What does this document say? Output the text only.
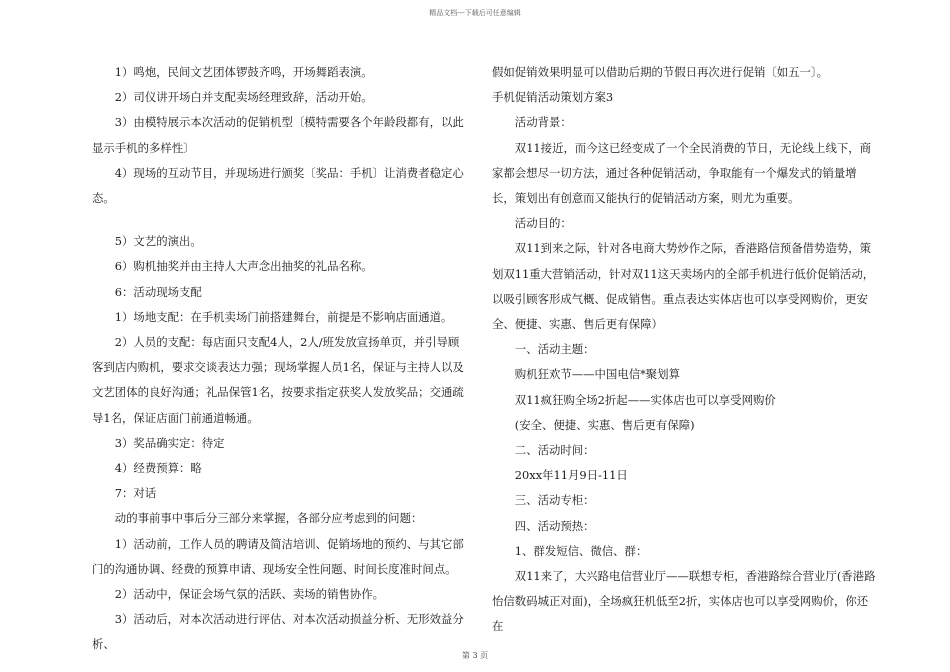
精品文档---下载后可任意编辑

1）鸣炮，民间文艺团体锣鼓齐鸣，开场舞蹈表演。

2）司仪讲开场白并支配卖场经理致辞，活动开始。

3）由模特展示本次活动的促销机型〔模特需要各个年龄段都有，以此显示手机的多样性〕

4）现场的互动节目，并现场进行颁奖〔奖品：手机〕让消费者稳定心态。

5）文艺的演出。

6）购机抽奖并由主持人大声念出抽奖的礼品名称。

6：活动现场支配

1）场地支配：在手机卖场门前搭建舞台，前提是不影响店面通道。

2）人员的支配：每店面只支配4人，2人/班发放宣扬单页，并引导顾客到店内购机，要求交谈表达力强；现场掌握人员1名，保证与主持人以及文艺团体的良好沟通；礼品保管1名，按要求指定获奖人发放奖品；交通疏导1名，保证店面门前通道畅通。

3）奖品确实定：待定

4）经费预算：略

7：对话

动的事前事中事后分三部分来掌握，各部分应考虑到的问题：

1）活动前，工作人员的聘请及简洁培训、促销场地的预约、与其它部门的沟通协调、经费的预算申请、现场安全性问题、时间长度准时间点。

2）活动中，保证会场气氛的活跃、卖场的销售协作。

3）活动后，对本次活动进行评估、对本次活动损益分析、无形效益分析、

假如促销效果明显可以借助后期的节假日再次进行促销〔如五一〕。

手机促销活动策划方案3

活动背景：

双11接近，而今这已经变成了一个全民消费的节日，无论线上线下，商家都会想尽一切方法，通过各种促销活动，争取能有一个爆发式的销量增长，策划出有创意而又能执行的促销活动方案，则尤为重要。

活动目的：

双11到来之际，针对各电商大势炒作之际，香港路信预备借势造势，策划双11重大营销活动，针对双11这天卖场内的全部手机进行低价促销活动，以吸引顾客形成气概、促成销售。重点表达实体店也可以享受网购价，更安全、便捷、实惠、售后更有保障）

一、活动主题：

购机狂欢节——中国电信*聚划算

双11疯狂购全场2折起——实体店也可以享受网购价

(安全、便捷、实惠、售后更有保障)

二、活动时间：

20xx年11月9日-11日

三、活动专柜：

四、活动预热：

1、群发短信、微信、群：

双11来了，大兴路电信营业厅——联想专柜，香港路综合营业厅(香港路怡信数码城正对面)，全场疯狂机低至2折，实体店也可以享受网购价，你还在

第 3 页
